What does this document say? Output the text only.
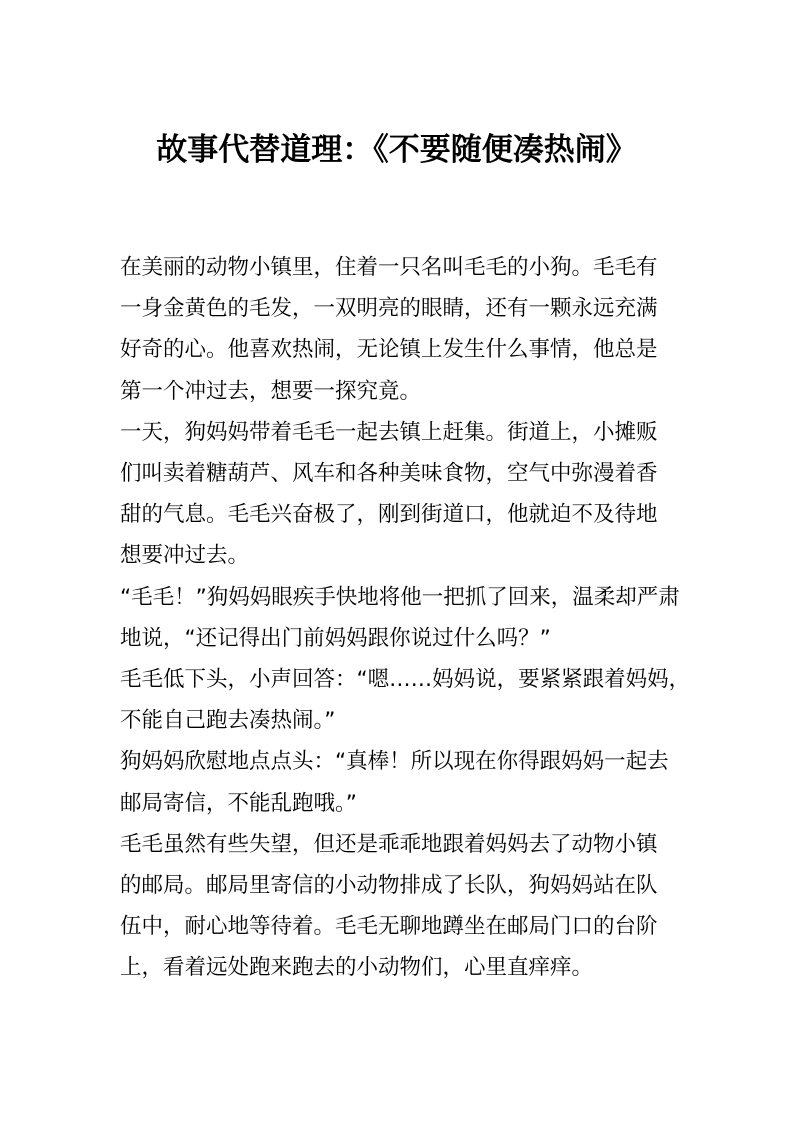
故事代替道理：《不要随便凑热闹》

在美丽的动物小镇里，住着一只名叫毛毛的小狗。毛毛有
一身金黄色的毛发，一双明亮的眼睛，还有一颗永远充满
好奇的心。他喜欢热闹，无论镇上发生什么事情，他总是
第一个冲过去，想要一探究竟。

一天，狗妈妈带着毛毛一起去镇上赶集。街道上，小摊贩
们叫卖着糖葫芦、风车和各种美味食物，空气中弥漫着香
甜的气息。毛毛兴奋极了，刚到街道口，他就迫不及待地
想要冲过去。

“毛毛！”狗妈妈眼疾手快地将他一把抓了回来，温柔却严肃
地说，“还记得出门前妈妈跟你说过什么吗？”

毛毛低下头，小声回答：“嗯……妈妈说，要紧紧跟着妈妈，
不能自己跑去凑热闹。”

狗妈妈欣慰地点点头：“真棒！所以现在你得跟妈妈一起去
邮局寄信，不能乱跑哦。”

毛毛虽然有些失望，但还是乖乖地跟着妈妈去了动物小镇
的邮局。邮局里寄信的小动物排成了长队，狗妈妈站在队
伍中，耐心地等待着。毛毛无聊地蹲坐在邮局门口的台阶
上，看着远处跑来跑去的小动物们，心里直痒痒。
